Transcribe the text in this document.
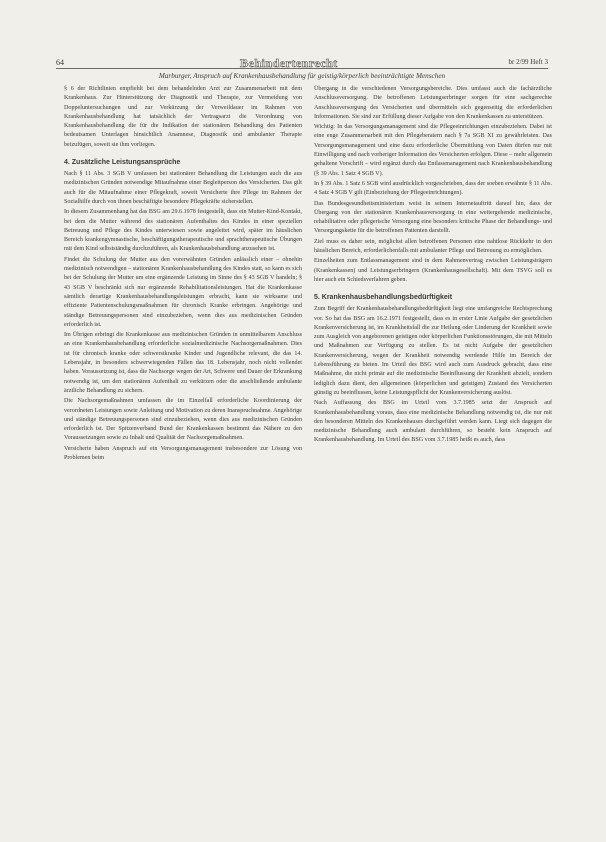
64	Behindertenrecht	br 2/99 Heft 3
Marburger, Anspruch auf Krankenhausbehandlung für geistig/körperlich beeinträchtigte Menschen

§ 6 der Richtlinien empfiehlt bei dem behandelnden Arzt zur Zusammenarbeit mit dem Krankenhaus. Zur Hinterstützung der Diagnostik und Therapie, zur Vermeidung von Doppeluntersuchungen und zur Verkürzung der Verweildauer im Rahmen von Krankenhausbehandlung hat tatsächlich der Vertragsarzt die Verordnung von Krankenhausbehandlung die für die Indikation der stationären Behandlung des Patienten bedeutsamen Unterlagen hinsichtlich Anamnese, Diagnostik und ambulanter Therapie beizufügen, soweit sie ihm vorliegen.

4. Zusätzliche Leistungsansprüche

Nach § 11 Abs. 3 SGB V umfassen bei stationärer Behandlung die Leistungen auch die aus medizinischen Gründen notwendige Mitaufnahme einer Begleitperson des Versicherten. Das gilt auch für die Mitaufnahme einer Pflegekraft, soweit Versicherte ihre Pflege im Rahmen der Sozialhilfe durch von ihnen beschäftigte besondere Pflegekräfte sicherstellen.

In diesem Zusammenhang hat das BSG am 29.6.1978 festgestellt, dass ein Mutter-Kind-Kontakt, bei dem die Mutter während des stationären Aufenthaltes des Kindes in einer speziellen Betreuung und Pflege des Kindes unterwiesen sowie angeleitet wird, später im häuslichen Bereich krankengymnastische, beschäftigungstherapeutische und sprachtherapeutische Übungen mit dem Kind selbstständig durchzuführen, als Krankenhausbehandlung anzusehen ist.

Findet die Schulung der Mutter aus den vorerwähnten Gründen anlässlich einer – ohnehin medizinisch notwendigen – stationären Krankenhausbehandlung des Kindes statt, so kann es sich bei der Schulung der Mutter um eine ergänzende Leistung im Sinne des § 43 SGB V handeln; § 43 SGB V beschränkt sich nur ergänzende Rehabilitationsleistungen. Hat die Krankenkasse sämtlich derartige Krankenhausbehandlungsleistungen erbracht, kann sie wirksame und effiziente Patientenschulungsmaßnahmen für chronisch Kranke erbringen. Angehörige und ständige Betreuungspersonen sind einzubeziehen, wenn dies aus medizinischen Gründen erforderlich ist.

Im Übrigen erbringt die Krankenkasse aus medizinischen Gründen in unmittelbarem Anschluss an eine Krankenhausbehandlung erforderliche sozialmedizinische Nachsorgemaßnahmen. Dies ist für chronisch kranke oder schwerstkranke Kinder und Jugendliche relevant, die das 14. Lebensjahr, in besonders schwerwiegenden Fällen das 18. Lebensjahr, noch nicht vollendet haben. Voraussetzung ist, dass die Nachsorge wegen der Art, Schwere und Dauer der Erkrankung notwendig ist, um den stationären Aufenthalt zu verkürzen oder die anschließende ambulante ärztliche Behandlung zu sichern.

Die Nachsorgemaßnahmen umfassen die im Einzelfall erforderliche Koordinierung der verordneten Leistungen sowie Anleitung und Motivation zu deren Inanspruchnahme. Angehörige und ständige Betreuungspersonen sind einzubeziehen, wenn dies aus medizinischen Gründen erforderlich ist. Der Spitzenverband Bund der Krankenkassen bestimmt das Nähere zu den Voraussetzungen sowie zu Inhalt und Qualität der Nachsorgemaßnahmen.

Versicherte haben Anspruch auf ein Versorgungsmanagement insbesondere zur Lösung von Problemen beim

Übergang in die verschiedenen Versorgungsbereiche. Dies umfasst auch die fachärztliche Anschlussversorgung. Die betroffenen Leistungserbringer sorgen für eine sachgerechte Anschlussversorgung des Versicherten und übermitteln sich gegenseitig die erforderlichen Informationen. Sie sind zur Erfüllung dieser Aufgabe von den Krankenkassen zu unterstützen.

Wichtig: In das Versorgungsmanagement sind die Pflegeeinrichtungen einzubeziehen. Dabei ist eine enge Zusammenarbeit mit den Pflegeberatern nach § 7a SGB XI zu gewährleisten. Das Versorgungsmanagement und eine dazu erforderliche Übermittlung von Daten dürfen nur mit Einwilligung und nach vorheriger Information des Versicherten erfolgen. Diese – mehr allgemein gehaltene Vorschrift – wird ergänzt durch das Entlassmanagement nach Krankenhausbehandlung (§ 39 Abs. 1 Satz 4 SGB V).

In § 39 Abs. 1 Satz 6 SGB wird ausdrücklich vorgeschrieben, dass der soeben erwähnte § 11 Abs. 4 Satz 4 SGB V gilt (Einbeziehung der Pflegeeinrichtungen).

Das Bundesgesundheitsministerium weist in seinem Internetauftritt darauf hin, dass der Übergang von der stationären Krankenhausversorgung in eine weitergehende medizinische, rehabilitative oder pflegerische Versorgung eine besonders kritische Phase der Behandlungs- und Versorgungskette für die betroffenen Patienten darstellt.

Ziel muss es daher sein, möglichst allen betroffenen Personen eine nahtlose Rückkehr in den häuslichen Bereich, erforderlichenfalls mit ambulanter Pflege und Betreuung zu ermöglichen.

Einzelheiten zum Entlassmanagement sind in dem Rahmenvertrag zwischen Leistungsträgern (Krankenkassen) und Leistungserbringern (Krankenhausgesellschaft). Mit dem TSVG soll es hier auch ein Schiedsverfahren geben.

5. Krankenhausbehandlungsbedürftigkeit

Zum Begriff der Krankenhausbehandlungsbedürftigkeit liegt eine umfangreiche Rechtsprechung vor. So hat das BSG am 16.2.1971 festgestellt, dass es in erster Linie Aufgabe der gesetzlichen Krankenversicherung ist, im Krankheitsfall die zur Heilung oder Linderung der Krankheit sowie zum Ausgleich von angeborenen geistigen oder körperlichen Funktionsstörungen, die mit Mitteln und Maßnahmen zur Verfügung zu stellen. Es ist nicht Aufgabe der gesetzlichen Krankenversicherung, wegen der Krankheit notwendig werdende Hilfe im Bereich der Lebensführung zu bieten. Im Urteil des BSG wird auch zum Ausdruck gebracht, dass eine Maßnahme, die nicht primär auf die medizinische Beeinflussung der Krankheit abzielt, sondern lediglich dazu dient, den allgemeinen (körperlichen und geistigen) Zustand des Versicherten günstig zu beeinflussen, keine Leistungspflicht der Krankenversicherung auslöst.

Nach Auffassung des BSG im Urteil vom 3.7.1985 setzt der Anspruch auf Krankenhausbehandlung voraus, dass eine medizinische Behandlung notwendig ist, die nur mit den besonderen Mitteln des Krankenhauses durchgeführt werden kann. Liegt sich dagegen die medizinische Behandlung auch ambulant durchführen, so besteht kein Anspruch auf Krankenhausbehandlung. Im Urteil des BSG vom 3.7.1985 heißt es auch, dass
